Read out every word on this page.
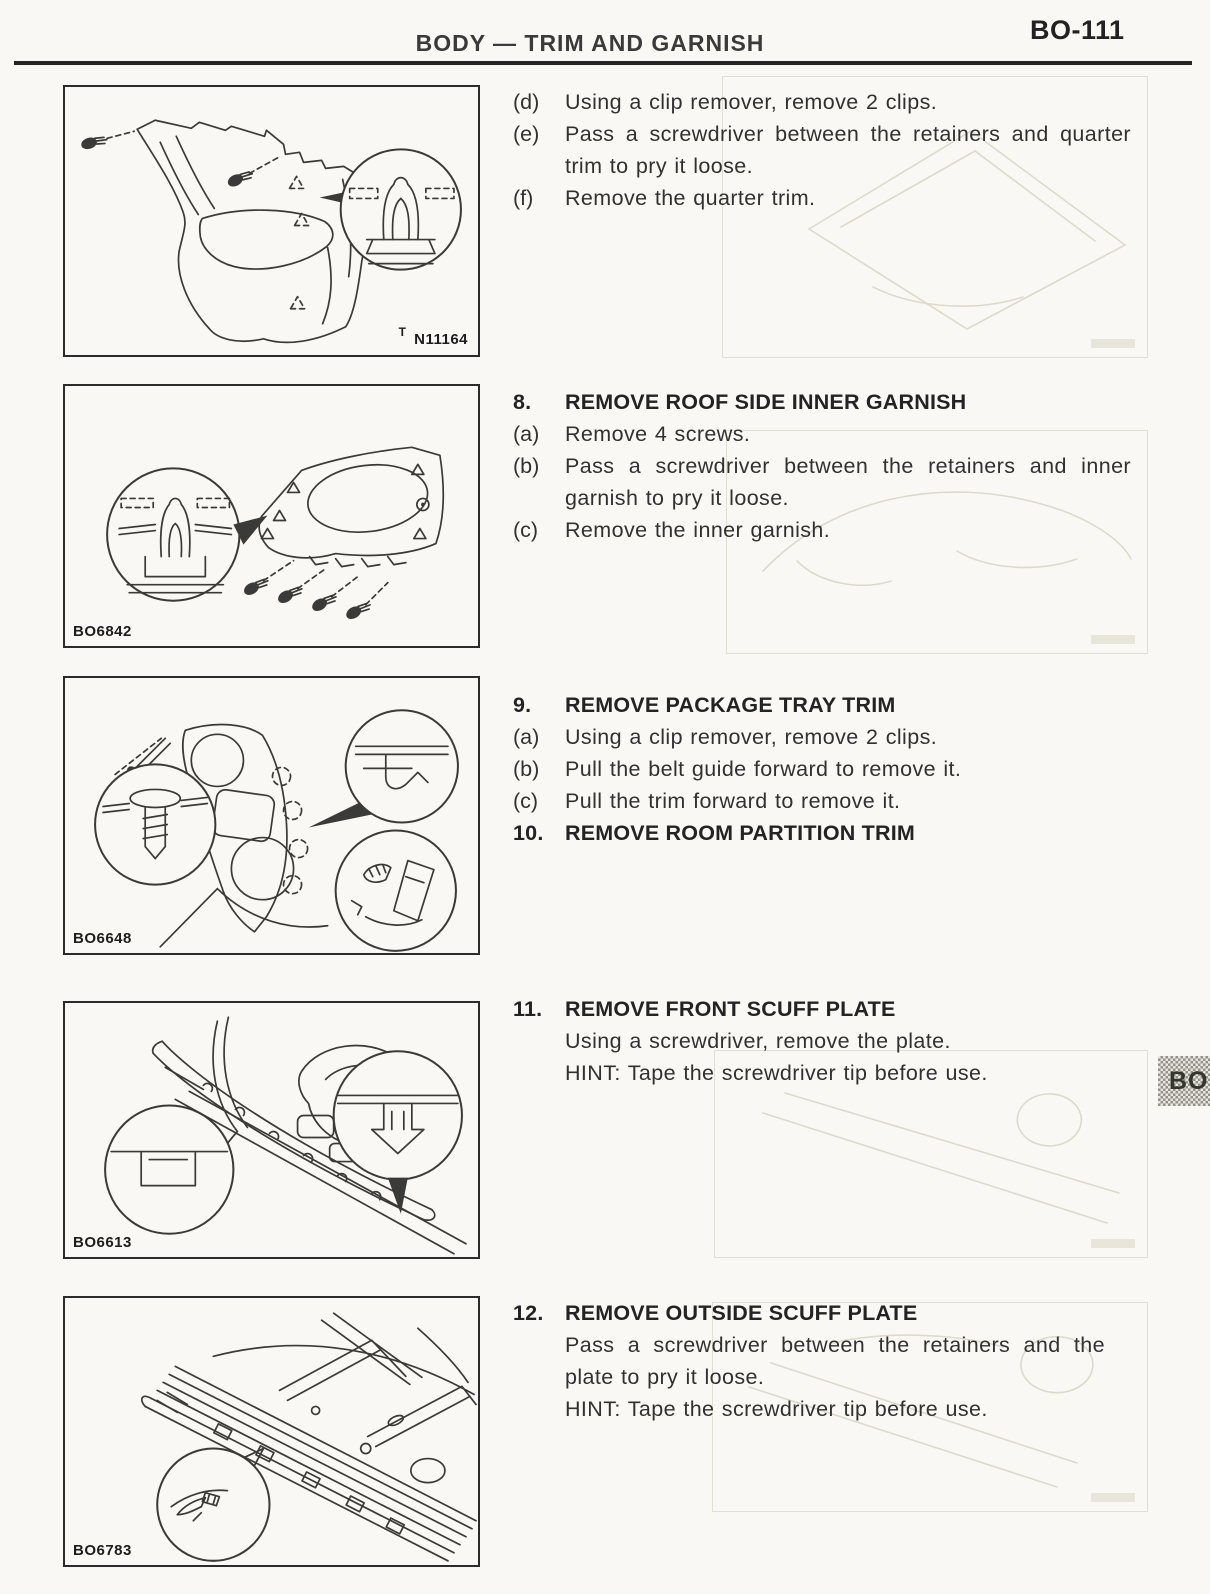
BODY — TRIM AND GARNISH	BO-111
T N11164
BO6842
BO6648
BO6613
BO6783
(d)	Using a clip remover, remove 2 clips.
(e)	Pass a screwdriver between the retainers and quarter trim to pry it loose.
(f)	Remove the quarter trim.
8.	REMOVE ROOF SIDE INNER GARNISH
(a)	Remove 4 screws.
(b)	Pass a screwdriver between the retainers and inner garnish to pry it loose.
(c)	Remove the inner garnish.
9.	REMOVE PACKAGE TRAY TRIM
(a)	Using a clip remover, remove 2 clips.
(b)	Pull the belt guide forward to remove it.
(c)	Pull the trim forward to remove it.
10.	REMOVE ROOM PARTITION TRIM
11.	REMOVE FRONT SCUFF PLATE
Using a screwdriver, remove the plate.
HINT: Tape the screwdriver tip before use.
12.	REMOVE OUTSIDE SCUFF PLATE
Pass a screwdriver between the retainers and the plate to pry it loose.
HINT: Tape the screwdriver tip before use.
BO
